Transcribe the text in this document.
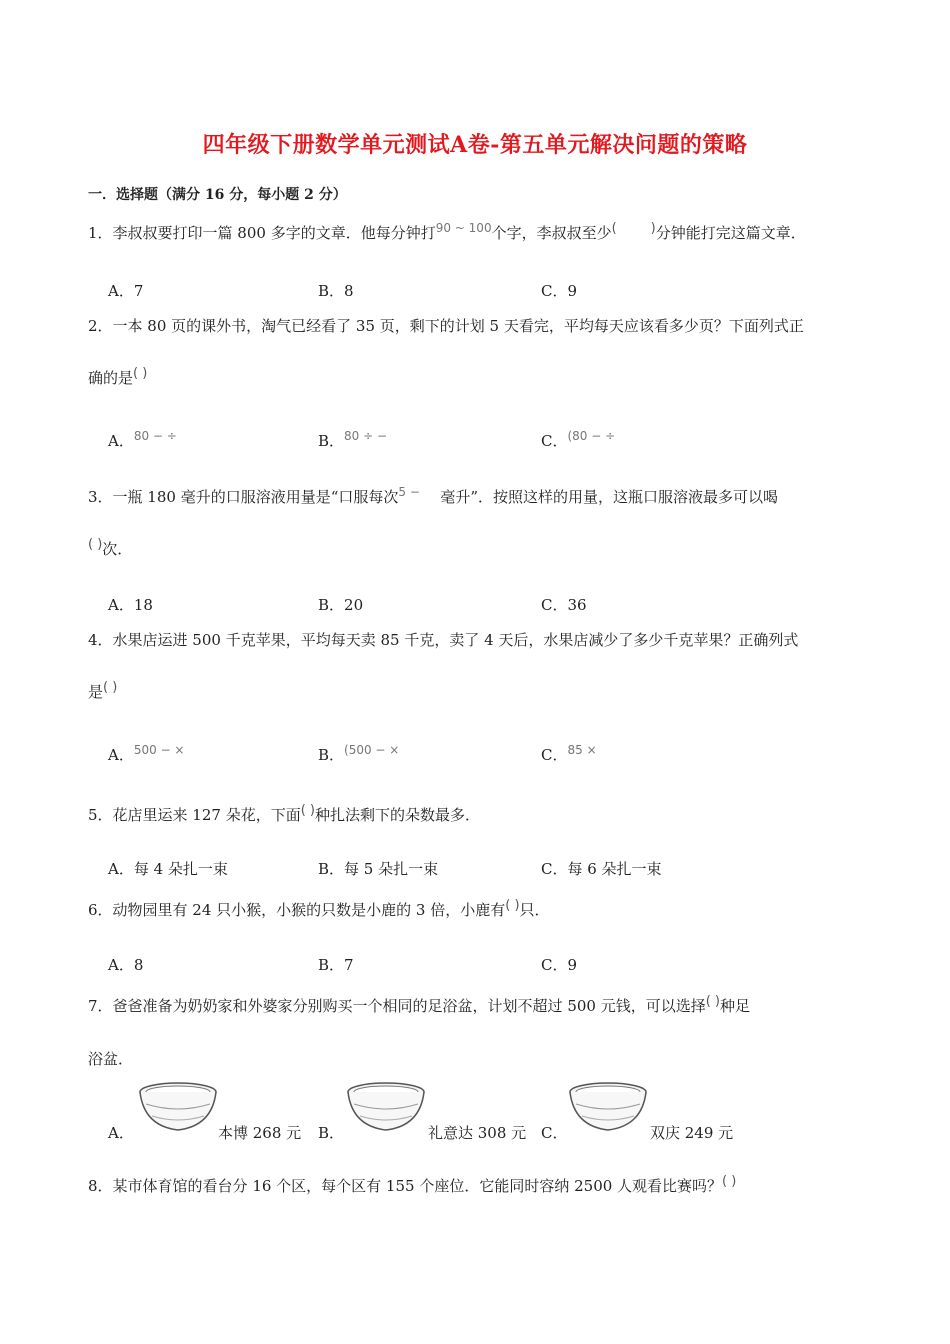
四年级下册数学单元测试A卷-第五单元解决问题的策略
一．选择题（满分 16 分，每小题 2 分）
1．李叔叔要打印一篇 800 多字的文章．他每分钟打$^{90 \sim 100}$个字，李叔叔至少(	)分钟能打完这篇文章．
A．7	B．8	C．9
2．一本 80 页的课外书，淘气已经看了 35 页，剩下的计划 5 天看完，平均每天应该看多少页？下面列式正
确的是( )
A．$^{80 - \div}$	B．$^{80 \div -}$	C．$^{(80 - \div}$
3．一瓶 180 毫升的口服溶液用量是“口服每次5 − 毫升”．按照这样的用量，这瓶口服溶液最多可以喝
( )次．
A．18	B．20	C．36
4．水果店运进 500 千克苹果，平均每天卖 85 千克，卖了 4 天后，水果店减少了多少千克苹果？正确列式
是( )
A．$^{500 - \times}$	B．$^{(500 - \times}$	C．$^{85 \times}$
5．花店里运来 127 朵花，下面( )种扎法剩下的朵数最多．
A．每 4 朵扎一束	B．每 5 朵扎一束	C．每 6 朵扎一束
6．动物园里有 24 只小猴，小猴的只数是小鹿的 3 倍，小鹿有( )只．
A．8	B．7	C．9
7．爸爸准备为奶奶家和外婆家分别购买一个相同的足浴盆，计划不超过 500 元钱，可以选择( )种足
浴盆．
A．	本博 268 元 B．	礼意达 308 元 C．	双庆 249 元
8．某市体育馆的看台分 16 个区，每个区有 155 个座位．它能同时容纳 2500 人观看比赛吗？( )
